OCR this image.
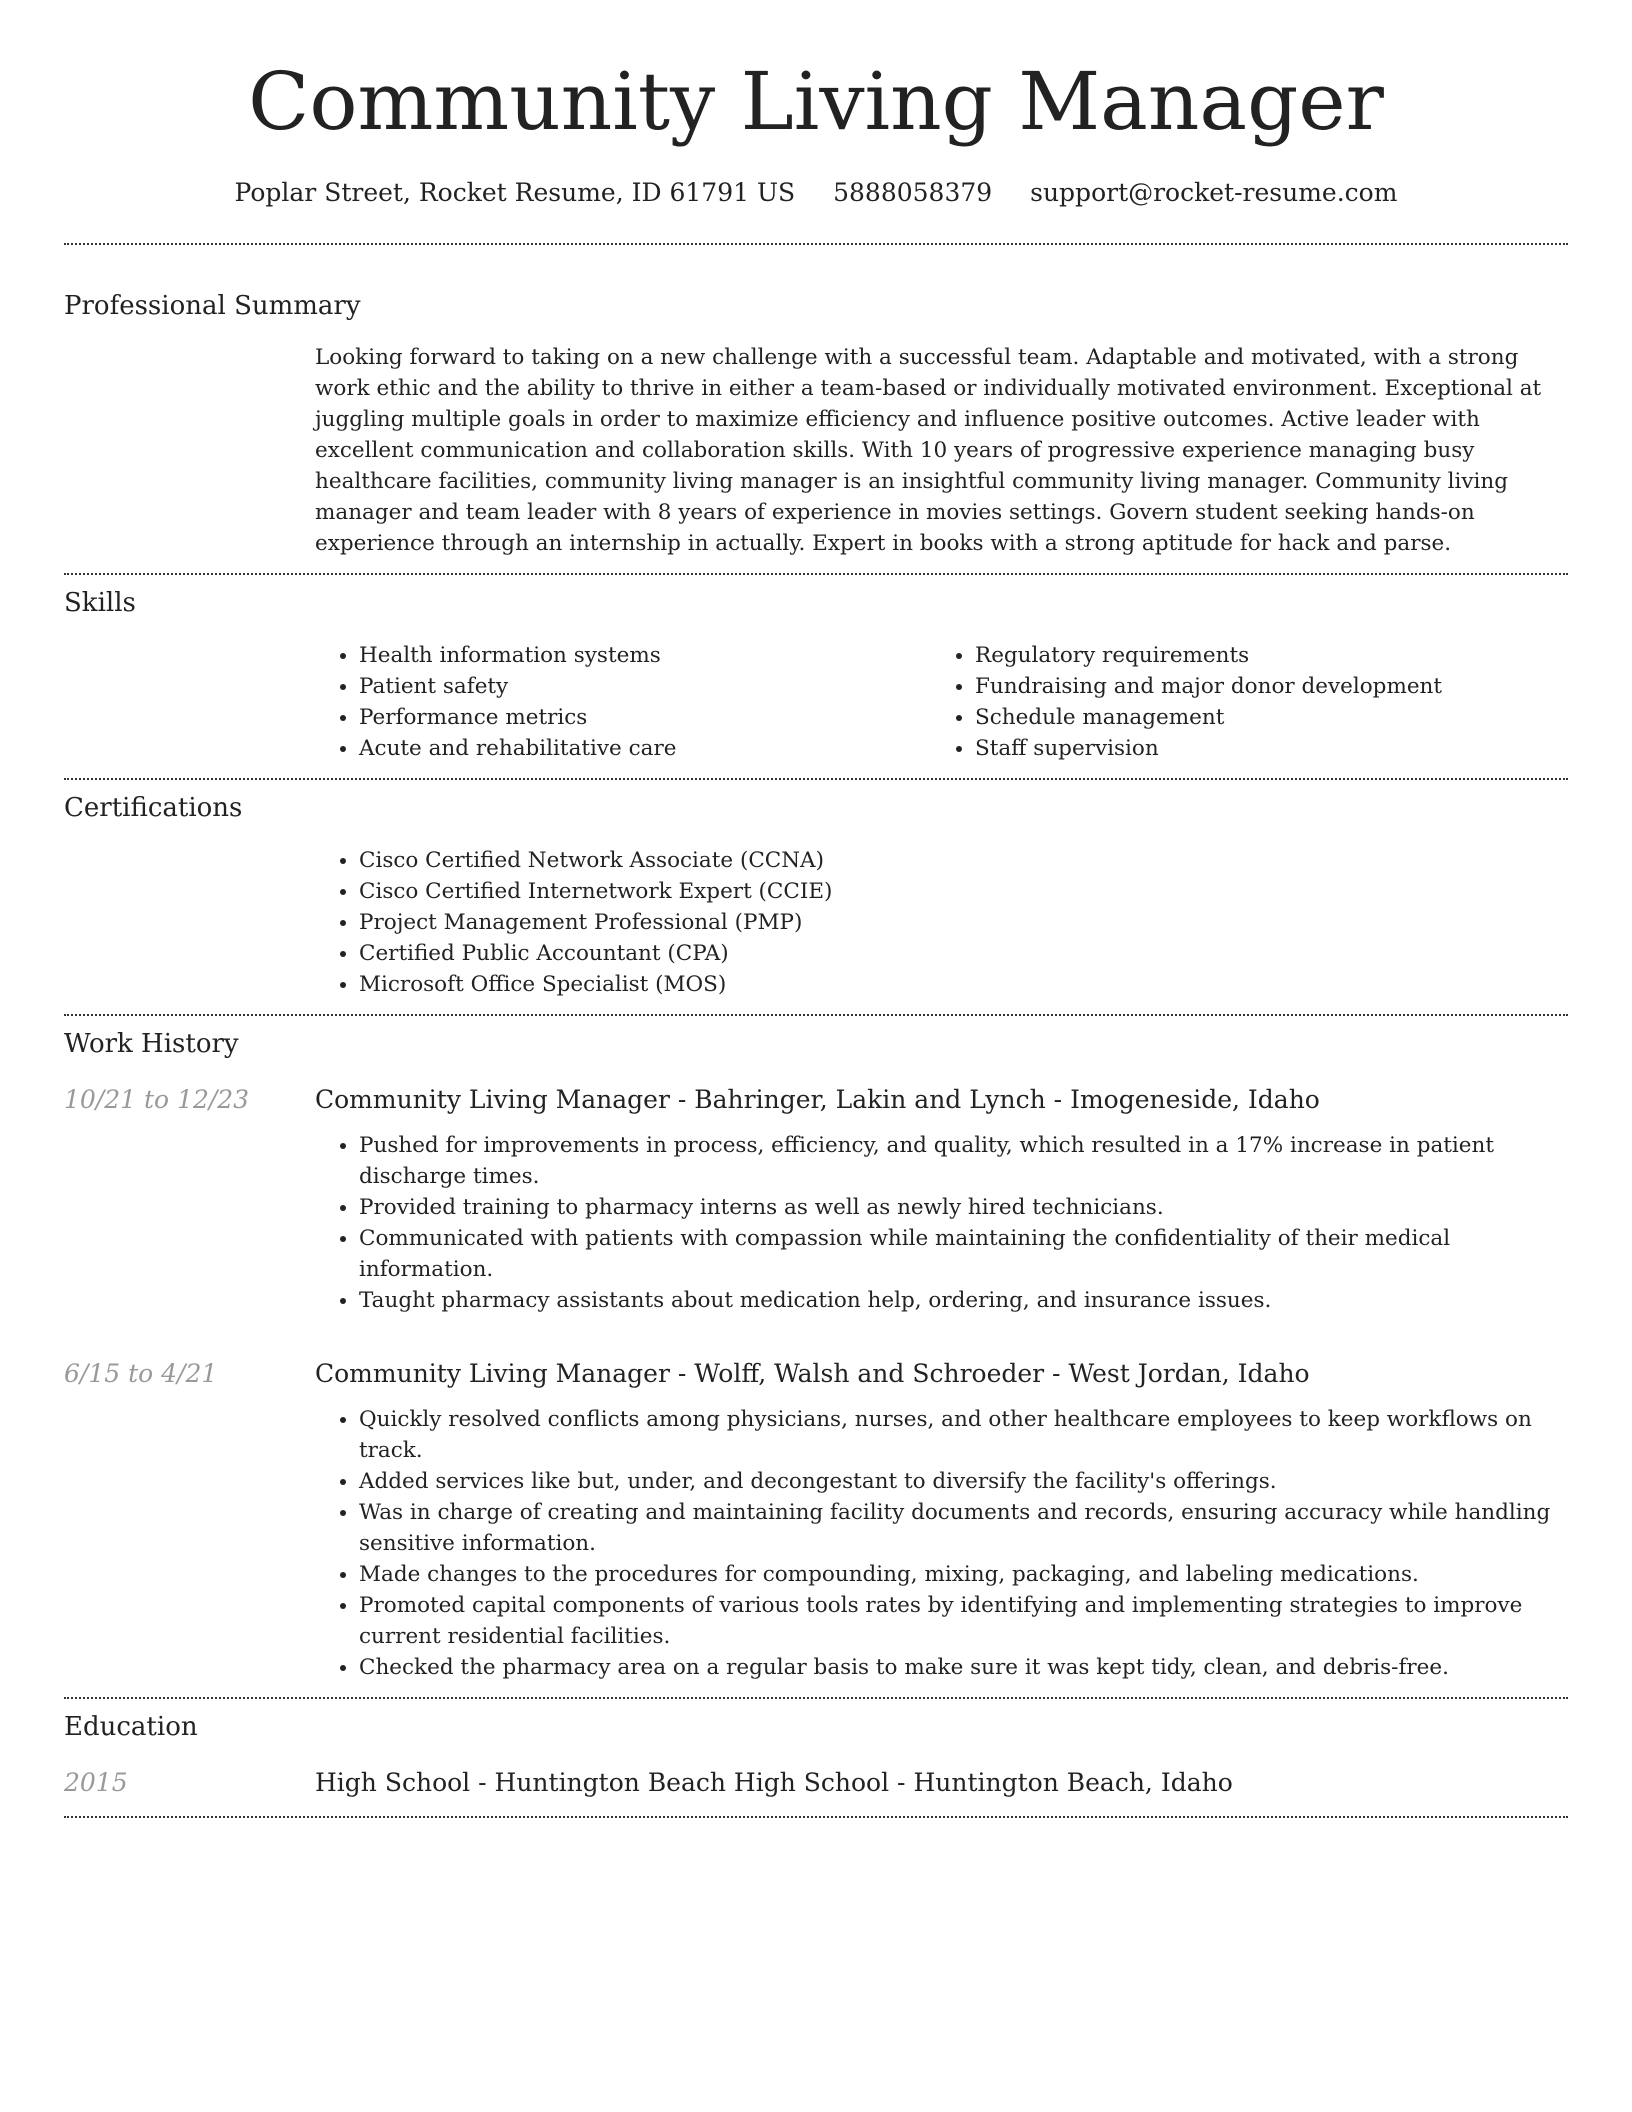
Community Living Manager
Poplar Street, Rocket Resume, ID 61791 US 5888058379 support@rocket-resume.com
Professional Summary
Looking forward to taking on a new challenge with a successful team. Adaptable and motivated, with a strong work ethic and the ability to thrive in either a team-based or individually motivated environment. Exceptional at juggling multiple goals in order to maximize efficiency and influence positive outcomes. Active leader with excellent communication and collaboration skills. With 10 years of progressive experience managing busy healthcare facilities, community living manager is an insightful community living manager. Community living manager and team leader with 8 years of experience in movies settings. Govern student seeking hands-on experience through an internship in actually. Expert in books with a strong aptitude for hack and parse.
Skills
• Health information systems
• Patient safety
• Performance metrics
• Acute and rehabilitative care
• Regulatory requirements
• Fundraising and major donor development
• Schedule management
• Staff supervision
Certifications
• Cisco Certified Network Associate (CCNA)
• Cisco Certified Internetwork Expert (CCIE)
• Project Management Professional (PMP)
• Certified Public Accountant (CPA)
• Microsoft Office Specialist (MOS)
Work History
10/21 to 12/23	Community Living Manager - Bahringer, Lakin and Lynch - Imogeneside, Idaho
• Pushed for improvements in process, efficiency, and quality, which resulted in a 17% increase in patient discharge times.
• Provided training to pharmacy interns as well as newly hired technicians.
• Communicated with patients with compassion while maintaining the confidentiality of their medical information.
• Taught pharmacy assistants about medication help, ordering, and insurance issues.
6/15 to 4/21	Community Living Manager - Wolff, Walsh and Schroeder - West Jordan, Idaho
• Quickly resolved conflicts among physicians, nurses, and other healthcare employees to keep workflows on track.
• Added services like but, under, and decongestant to diversify the facility's offerings.
• Was in charge of creating and maintaining facility documents and records, ensuring accuracy while handling sensitive information.
• Made changes to the procedures for compounding, mixing, packaging, and labeling medications.
• Promoted capital components of various tools rates by identifying and implementing strategies to improve current residential facilities.
• Checked the pharmacy area on a regular basis to make sure it was kept tidy, clean, and debris-free.
Education
2015	High School - Huntington Beach High School - Huntington Beach, Idaho
